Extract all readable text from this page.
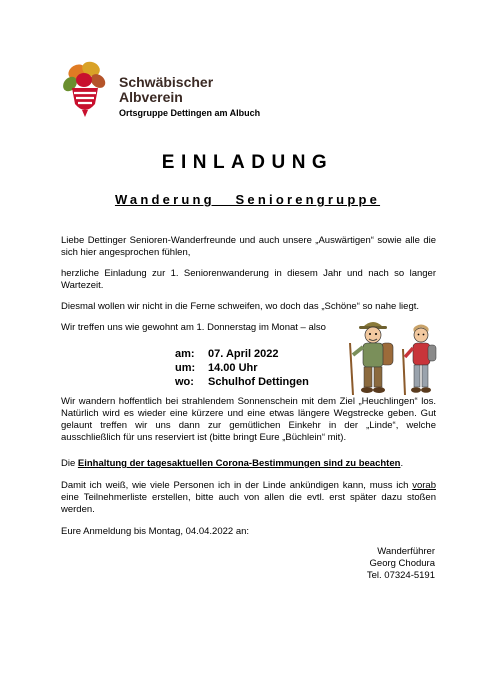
Schwäbischer
Albverein
Ortsgruppe Dettingen am Albuch
EINLADUNG
Wanderung Seniorengruppe
Liebe Dettinger Senioren-Wanderfreunde und auch unsere „Auswärtigen“ sowie alle die sich hier angesprochen fühlen,
herzliche Einladung zur 1. Seniorenwanderung in diesem Jahr und nach so langer Wartezeit.
Diesmal wollen wir nicht in die Ferne schweifen, wo doch das „Schöne“ so nahe liegt.
Wir treffen uns wie gewohnt am 1. Donnerstag im Monat – also
am:	07. April 2022
um:	14.00 Uhr
wo:	Schulhof Dettingen
Wir wandern hoffentlich bei strahlendem Sonnenschein mit dem Ziel „Heuchlingen“ los. Natürlich wird es wieder eine kürzere und eine etwas längere Wegstrecke geben. Gut gelaunt treffen wir uns dann zur gemütlichen Einkehr in der „Linde“, welche ausschließlich für uns reserviert ist (bitte bringt Eure „Büchlein“ mit).
Die Einhaltung der tagesaktuellen Corona-Bestimmungen sind zu beachten.
Damit ich weiß, wie viele Personen ich in der Linde ankündigen kann, muss ich vorab eine Teilnehmerliste erstellen, bitte auch von allen die evtl. erst später dazu stoßen werden.
Eure Anmeldung bis Montag, 04.04.2022 an:
Wanderführer
Georg Chodura
Tel. 07324-5191
